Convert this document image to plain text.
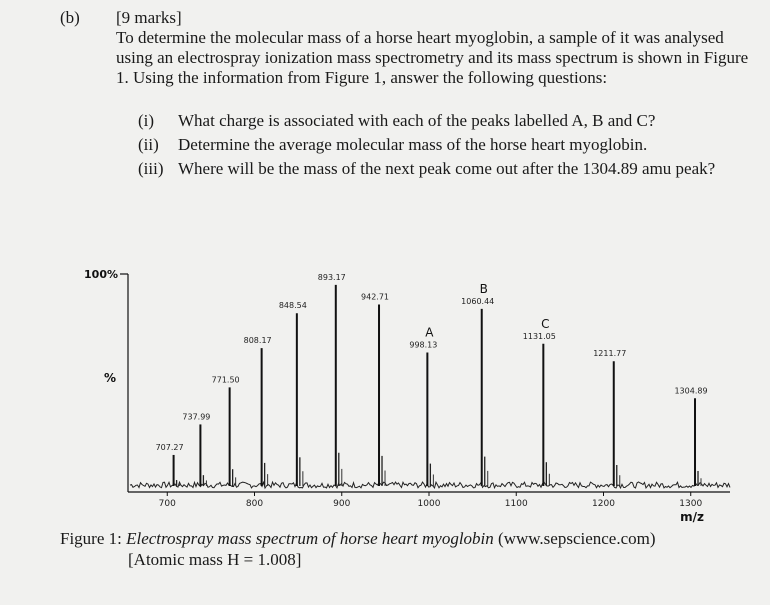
(b) [9 marks]
To determine the molecular mass of a horse heart myoglobin, a sample of it was analysed using an electrospray ionization mass spectrometry and its mass spectrum is shown in Figure 1. Using the information from Figure 1, answer the following questions:
(i) What charge is associated with each of the peaks labelled A, B and C?
(ii) Determine the average molecular mass of the horse heart myoglobin.
(iii) Where will be the mass of the next peak come out after the 1304.89 amu peak?
100%
%
700	800	900	1000	1100	1200	1300
m/z
707.27
737.99
771.50
808.17
848.54
893.17
942.71
998.13
A
1060.44
B
1131.05
C
1211.77
1304.89
Figure 1: Electrospray mass spectrum of horse heart myoglobin (www.sepscience.com)
[Atomic mass H = 1.008]
